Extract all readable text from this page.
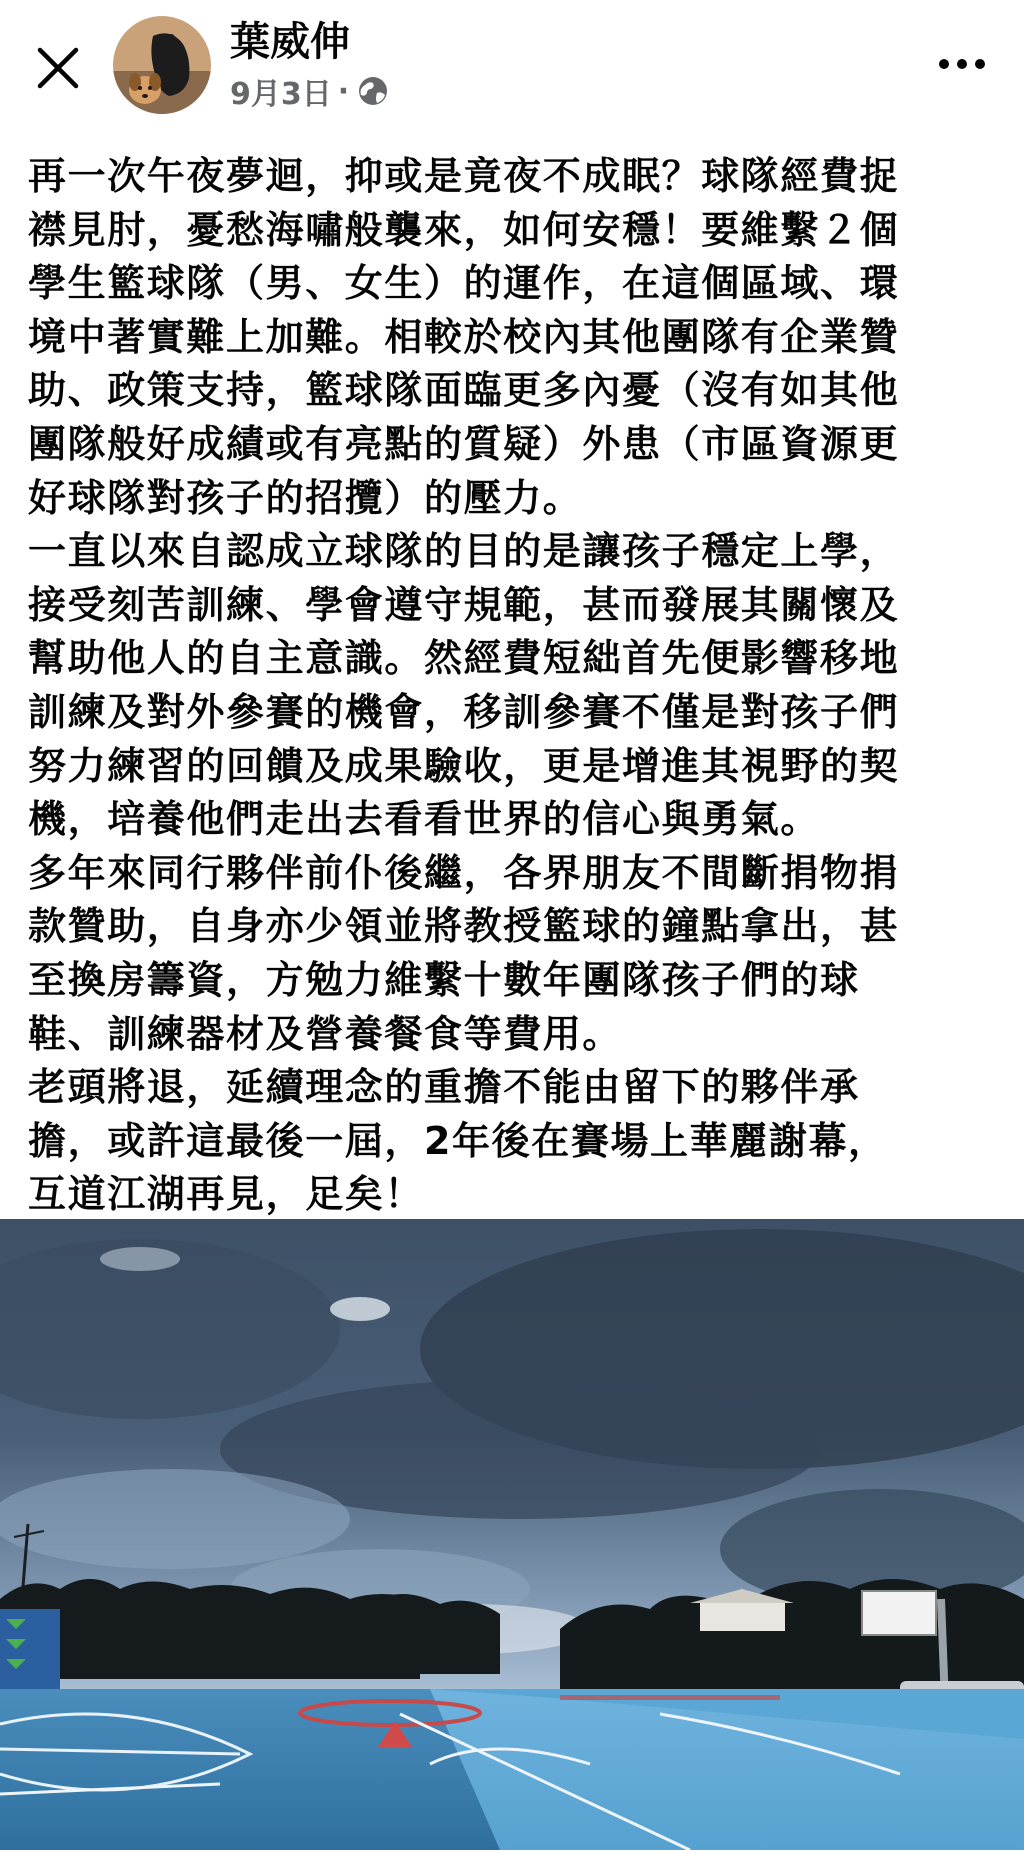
葉威伸
9月3日 ·

再一次午夜夢迴，抑或是竟夜不成眠？球隊經費捉

襟見肘，憂愁海嘯般襲來，如何安穩！要維繫２個

學生籃球隊（男、女生）的運作，在這個區域、環

境中著實難上加難。相較於校內其他團隊有企業贊

助、政策支持，籃球隊面臨更多內憂（沒有如其他

團隊般好成績或有亮點的質疑）外患（市區資源更

好球隊對孩子的招攬）的壓力。

一直以來自認成立球隊的目的是讓孩子穩定上學，

接受刻苦訓練、學會遵守規範，甚而發展其關懷及

幫助他人的自主意識。然經費短絀首先便影響移地

訓練及對外參賽的機會，移訓參賽不僅是對孩子們

努力練習的回饋及成果驗收，更是增進其視野的契

機，培養他們走出去看看世界的信心與勇氣。

多年來同行夥伴前仆後繼，各界朋友不間斷捐物捐

款贊助，自身亦少領並將教授籃球的鐘點拿出，甚

至換房籌資，方勉力維繫十數年團隊孩子們的球

鞋、訓練器材及營養餐食等費用。

老頭將退，延續理念的重擔不能由留下的夥伴承

擔，或許這最後一屆，2年後在賽場上華麗謝幕，

互道江湖再見，足矣！
